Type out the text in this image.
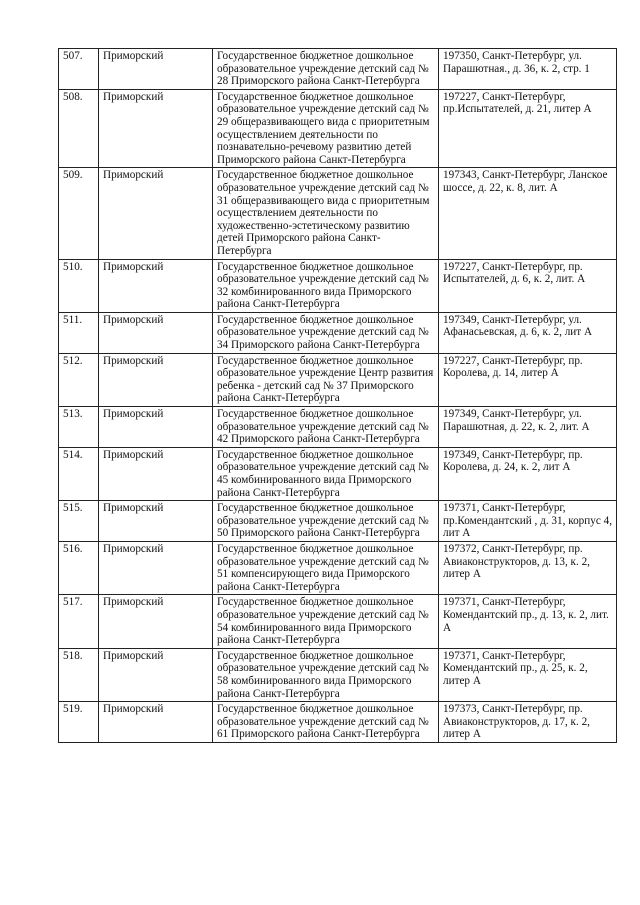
507.	Приморский	Государственное бюджетное дошкольное образовательное учреждение детский сад № 28 Приморского района Санкт-Петербурга	197350, Санкт-Петербург, ул. Парашютная., д. 36, к. 2, стр. 1
508.	Приморский	Государственное бюджетное дошкольное образовательное учреждение детский сад № 29 общеразвивающего вида с приоритетным осуществлением деятельности по познавательно-речевому развитию детей Приморского района Санкт-Петербурга	197227, Санкт-Петербург, пр.Испытателей, д. 21, литер А
509.	Приморский	Государственное бюджетное дошкольное образовательное учреждение детский сад № 31 общеразвивающего вида с приоритетным осуществлением деятельности по художественно-эстетическому развитию детей Приморского района Санкт-Петербурга	197343, Санкт-Петербург, Ланское шоссе, д. 22, к. 8, лит. А
510.	Приморский	Государственное бюджетное дошкольное образовательное учреждение детский сад № 32 комбинированного вида Приморского района Санкт-Петербурга	197227, Санкт-Петербург, пр. Испытателей, д. 6, к. 2, лит. А
511.	Приморский	Государственное бюджетное дошкольное образовательное учреждение детский сад № 34 Приморского района Санкт-Петербурга	197349, Санкт-Петербург, ул. Афанасьевская, д. 6, к. 2, лит А
512.	Приморский	Государственное бюджетное дошкольное образовательное учреждение Центр развития ребенка - детский сад № 37 Приморского района Санкт-Петербурга	197227, Санкт-Петербург, пр. Королева, д. 14, литер А
513.	Приморский	Государственное бюджетное дошкольное образовательное учреждение детский сад № 42 Приморского района Санкт-Петербурга	197349, Санкт-Петербург, ул. Парашютная, д. 22, к. 2, лит. А
514.	Приморский	Государственное бюджетное дошкольное образовательное учреждение детский сад № 45 комбинированного вида Приморского района Санкт-Петербурга	197349, Санкт-Петербург, пр. Королева, д. 24, к. 2, лит А
515.	Приморский	Государственное бюджетное дошкольное образовательное учреждение детский сад № 50 Приморского района Санкт-Петербурга	197371, Санкт-Петербург, пр.Комендантский , д. 31, корпус 4, лит А
516.	Приморский	Государственное бюджетное дошкольное образовательное учреждение детский сад № 51 компенсирующего вида Приморского района Санкт-Петербурга	197372, Санкт-Петербург, пр. Авиаконструкторов, д. 13, к. 2, литер А
517.	Приморский	Государственное бюджетное дошкольное образовательное учреждение детский сад № 54 комбинированного вида Приморского района Санкт-Петербурга	197371, Санкт-Петербург, Комендантский пр., д. 13, к. 2, лит. А
518.	Приморский	Государственное бюджетное дошкольное образовательное учреждение детский сад № 58 комбинированного вида Приморского района Санкт-Петербурга	197371, Санкт-Петербург, Комендантский пр., д. 25, к. 2, литер А
519.	Приморский	Государственное бюджетное дошкольное образовательное учреждение детский сад № 61 Приморского района Санкт-Петербурга	197373, Санкт-Петербург, пр. Авиаконструкторов, д. 17, к. 2, литер А
